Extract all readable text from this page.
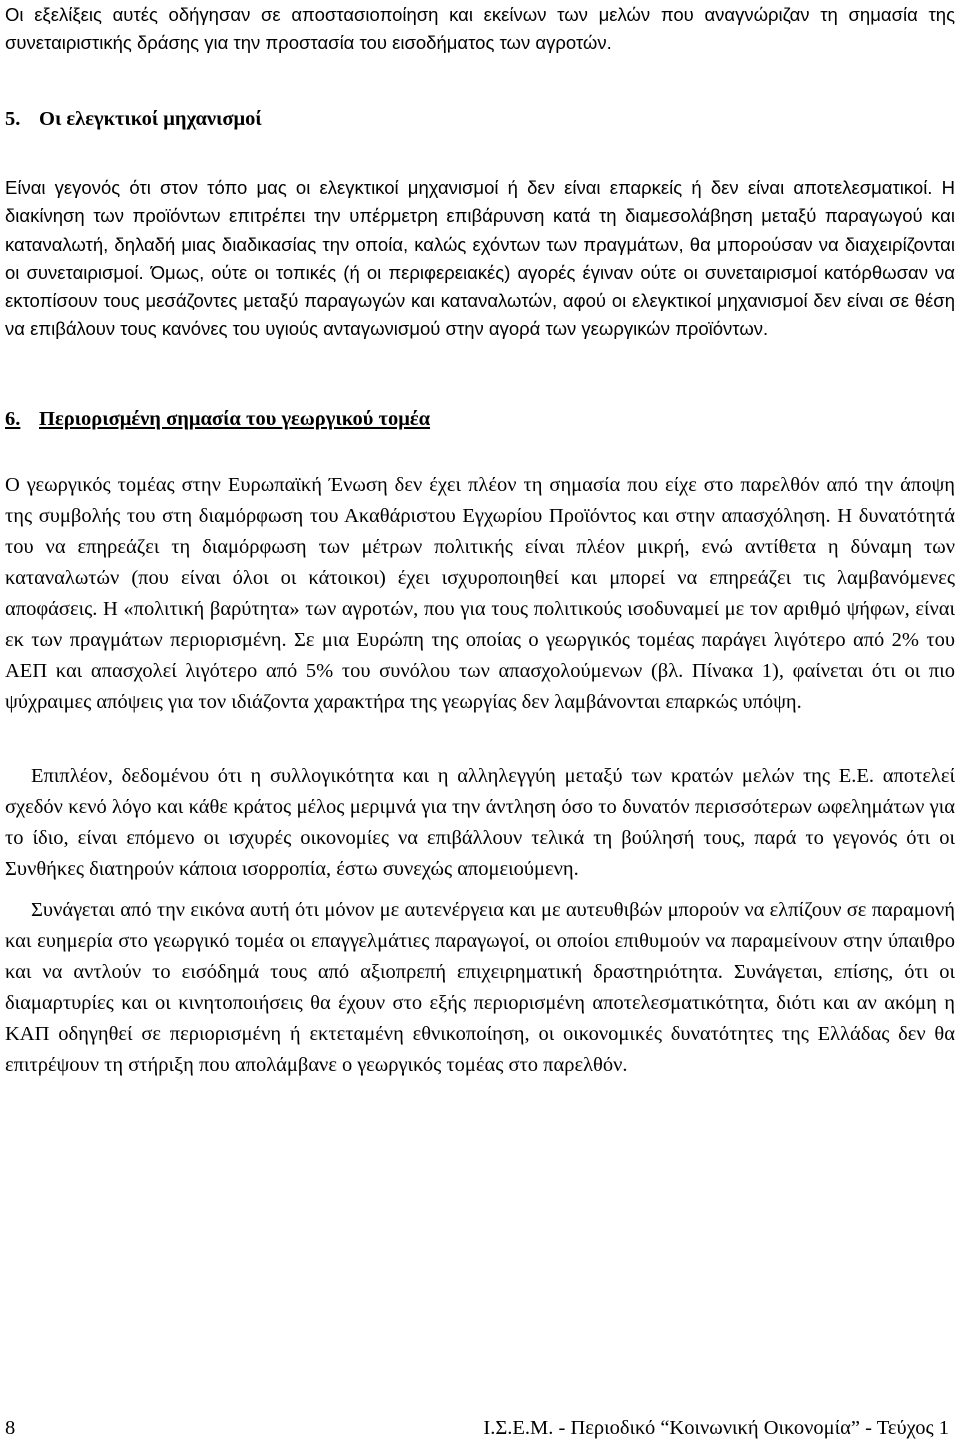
Οι εξελίξεις αυτές οδήγησαν σε αποστασιοποίηση και εκείνων των μελών που αναγνώριζαν τη σημασία της συνεταιριστικής δράσης για την προστασία του εισοδήματος των αγροτών.

5. Οι ελεγκτικοί μηχανισμοί

Είναι γεγονός ότι στον τόπο μας οι ελεγκτικοί μηχανισμοί ή δεν είναι επαρκείς ή δεν είναι αποτελεσματικοί. Η διακίνηση των προϊόντων επιτρέπει την υπέρμετρη επιβάρυνση κατά τη διαμεσολάβηση μεταξύ παραγωγού και καταναλωτή, δηλαδή μιας διαδικασίας την οποία, καλώς εχόντων των πραγμάτων, θα μπορούσαν να διαχειρίζονται οι συνεταιρισμοί. Όμως, ούτε οι τοπικές (ή οι περιφερειακές) αγορές έγιναν ούτε οι συνεταιρισμοί κατόρθωσαν να εκτοπίσουν τους μεσάζοντες μεταξύ παραγωγών και καταναλωτών, αφού οι ελεγκτικοί μηχανισμοί δεν είναι σε θέση να επιβάλουν τους κανόνες του υγιούς ανταγωνισμού στην αγορά των γεωργικών προϊόντων.

6. Περιορισμένη σημασία του γεωργικού τομέα

Ο γεωργικός τομέας στην Ευρωπαϊκή Ένωση δεν έχει πλέον τη σημασία που είχε στο παρελθόν από την άποψη της συμβολής του στη διαμόρφωση του Ακαθάριστου Εγχωρίου Προϊόντος και στην απασχόληση. Η δυνατότητά του να επηρεάζει τη διαμόρφωση των μέτρων πολιτικής είναι πλέον μικρή, ενώ αντίθετα η δύναμη των καταναλωτών (που είναι όλοι οι κάτοικοι) έχει ισχυροποιηθεί και μπορεί να επηρεάζει τις λαμβανόμενες αποφάσεις. Η «πολιτική βαρύτητα» των αγροτών, που για τους πολιτικούς ισοδυναμεί με τον αριθμό ψήφων, είναι εκ των πραγμάτων περιορισμένη. Σε μια Ευρώπη της οποίας ο γεωργικός τομέας παράγει λιγότερο από 2% του ΑΕΠ και απασχολεί λιγότερο από 5% του συνόλου των απασχολούμενων (βλ. Πίνακα 1), φαίνεται ότι οι πιο ψύχραιμες απόψεις για τον ιδιάζοντα χαρακτήρα της γεωργίας δεν λαμβάνονται επαρκώς υπόψη.

Επιπλέον, δεδομένου ότι η συλλογικότητα και η αλληλεγγύη μεταξύ των κρατών μελών της Ε.Ε. αποτελεί σχεδόν κενό λόγο και κάθε κράτος μέλος μεριμνά για την άντληση όσο το δυνατόν περισσότερων ωφελημάτων για το ίδιο, είναι επόμενο οι ισχυρές οικονομίες να επιβάλλουν τελικά τη βούλησή τους, παρά το γεγονός ότι οι Συνθήκες διατηρούν κάποια ισορροπία, έστω συνεχώς απομειούμενη.

Συνάγεται από την εικόνα αυτή ότι μόνον με αυτενέργεια και με αυτευθιβών μπορούν να ελπίζουν σε παραμονή και ευημερία στο γεωργικό τομέα οι επαγγελμάτιες παραγωγοί, οι οποίοι επιθυμούν να παραμείνουν στην ύπαιθρο και να αντλούν το εισόδημά τους από αξιοπρεπή επιχειρηματική δραστηριότητα. Συνάγεται, επίσης, ότι οι διαμαρτυρίες και οι κινητοποιήσεις θα έχουν στο εξής περιορισμένη αποτελεσματικότητα, διότι και αν ακόμη η ΚΑΠ οδηγηθεί σε περιορισμένη ή εκτεταμένη εθνικοποίηση, οι οικονομικές δυνατότητες της Ελλάδας δεν θα επιτρέψουν τη στήριξη που απολάμβανε ο γεωργικός τομέας στο παρελθόν.

8	Ι.Σ.Ε.Μ. - Περιοδικό “Κοινωνική Οικονομία” - Τεύχος 1
